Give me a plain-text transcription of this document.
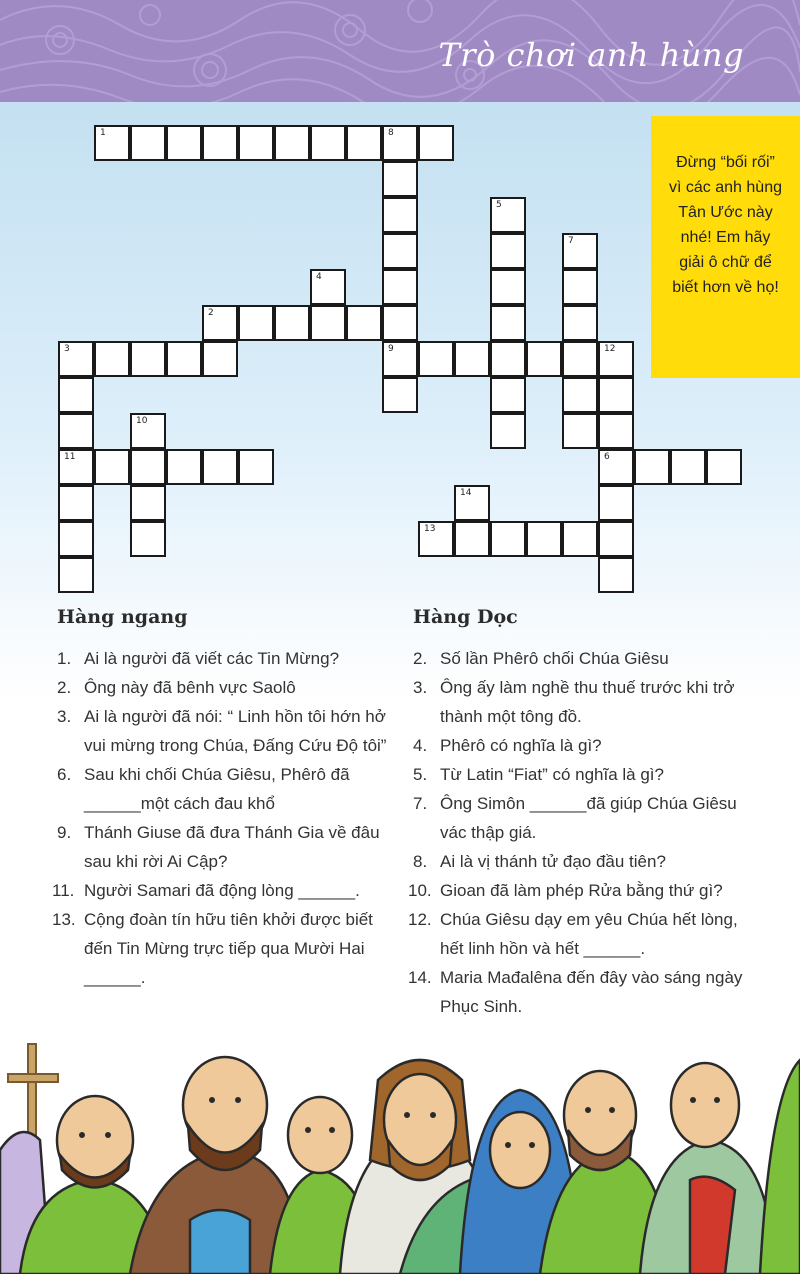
Trò chơi anh hùng
1	8
9
5
7
4
2
3
11
12
6
10
14
13
Đừng “bối rối” vì các anh hùng Tân Ước này nhé! Em hãy giải ô chữ để biết hơn về họ!
Hàng ngang
1. Ai là người đã viết các Tin Mừng?
2. Ông này đã bênh vực Saolô
3. Ai là người đã nói: “ Linh hồn tôi hớn hở vui mừng trong Chúa, Đấng Cứu Độ tôi”
6. Sau khi chối Chúa Giêsu, Phêrô đã ______một cách đau khổ
9. Thánh Giuse đã đưa Thánh Gia về đâu sau khi rời Ai Cập?
11. Người Samari đã động lòng ______.
13. Cộng đoàn tín hữu tiên khởi được biết đến Tin Mừng trực tiếp qua Mười Hai ______.
Hàng Dọc
2. Số lần Phêrô chối Chúa Giêsu
3. Ông ấy làm nghề thu thuế trước khi trở thành một tông đồ.
4. Phêrô có nghĩa là gì?
5. Từ Latin “Fiat” có nghĩa là gì?
7. Ông Simôn ______đã giúp Chúa Giêsu vác thập giá.
8. Ai là vị thánh tử đạo đầu tiên?
10. Gioan đã làm phép Rửa bằng thứ gì?
12. Chúa Giêsu dạy em yêu Chúa hết lòng, hết linh hồn và hết ______.
14. Maria Mađalêna đến đây vào sáng ngày Phục Sinh.
